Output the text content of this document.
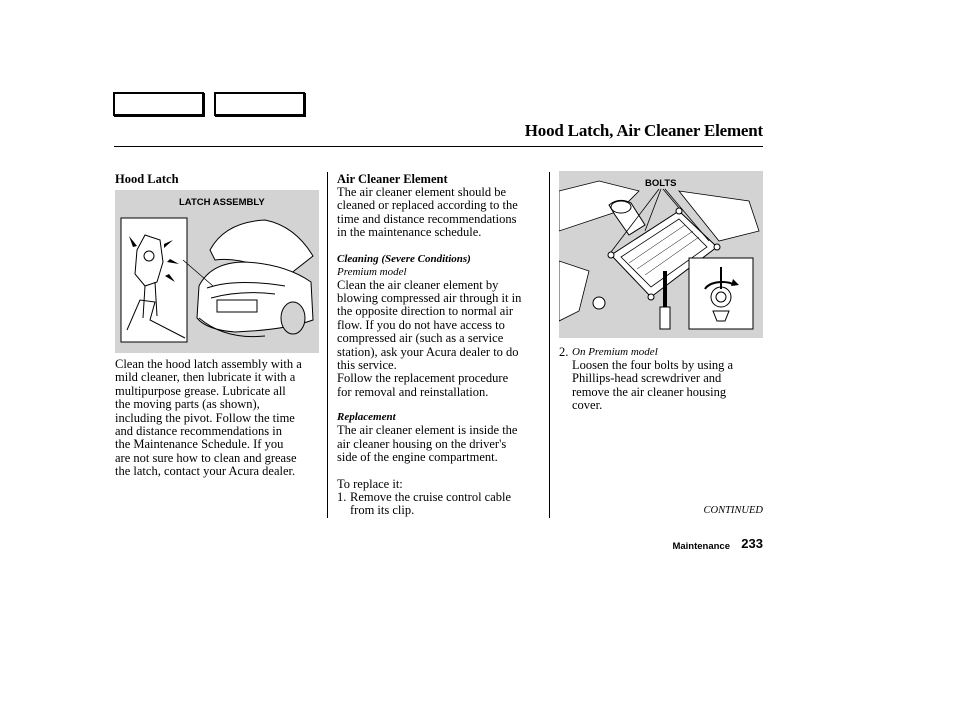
Hood Latch, Air Cleaner Element
Hood Latch
LATCH ASSEMBLY
Clean the hood latch assembly with a
mild cleaner, then lubricate it with a
multipurpose grease. Lubricate all
the moving parts (as shown),
including the pivot. Follow the time
and distance recommendations in
the Maintenance Schedule. If you
are not sure how to clean and grease
the latch, contact your Acura dealer.
Air Cleaner Element
The air cleaner element should be
cleaned or replaced according to the
time and distance recommendations
in the maintenance schedule.
Cleaning (Severe Conditions)
Premium model
Clean the air cleaner element by
blowing compressed air through it in
the opposite direction to normal air
flow. If you do not have access to
compressed air (such as a service
station), ask your Acura dealer to do
this service.
Follow the replacement procedure
for removal and reinstallation.
Replacement
The air cleaner element is inside the
air cleaner housing on the driver's
side of the engine compartment.
To replace it:
1. Remove the cruise control cable
from its clip.
BOLTS
2. On Premium model
Loosen the four bolts by using a
Phillips-head screwdriver and
remove the air cleaner housing
cover.
CONTINUED
Maintenance 233
